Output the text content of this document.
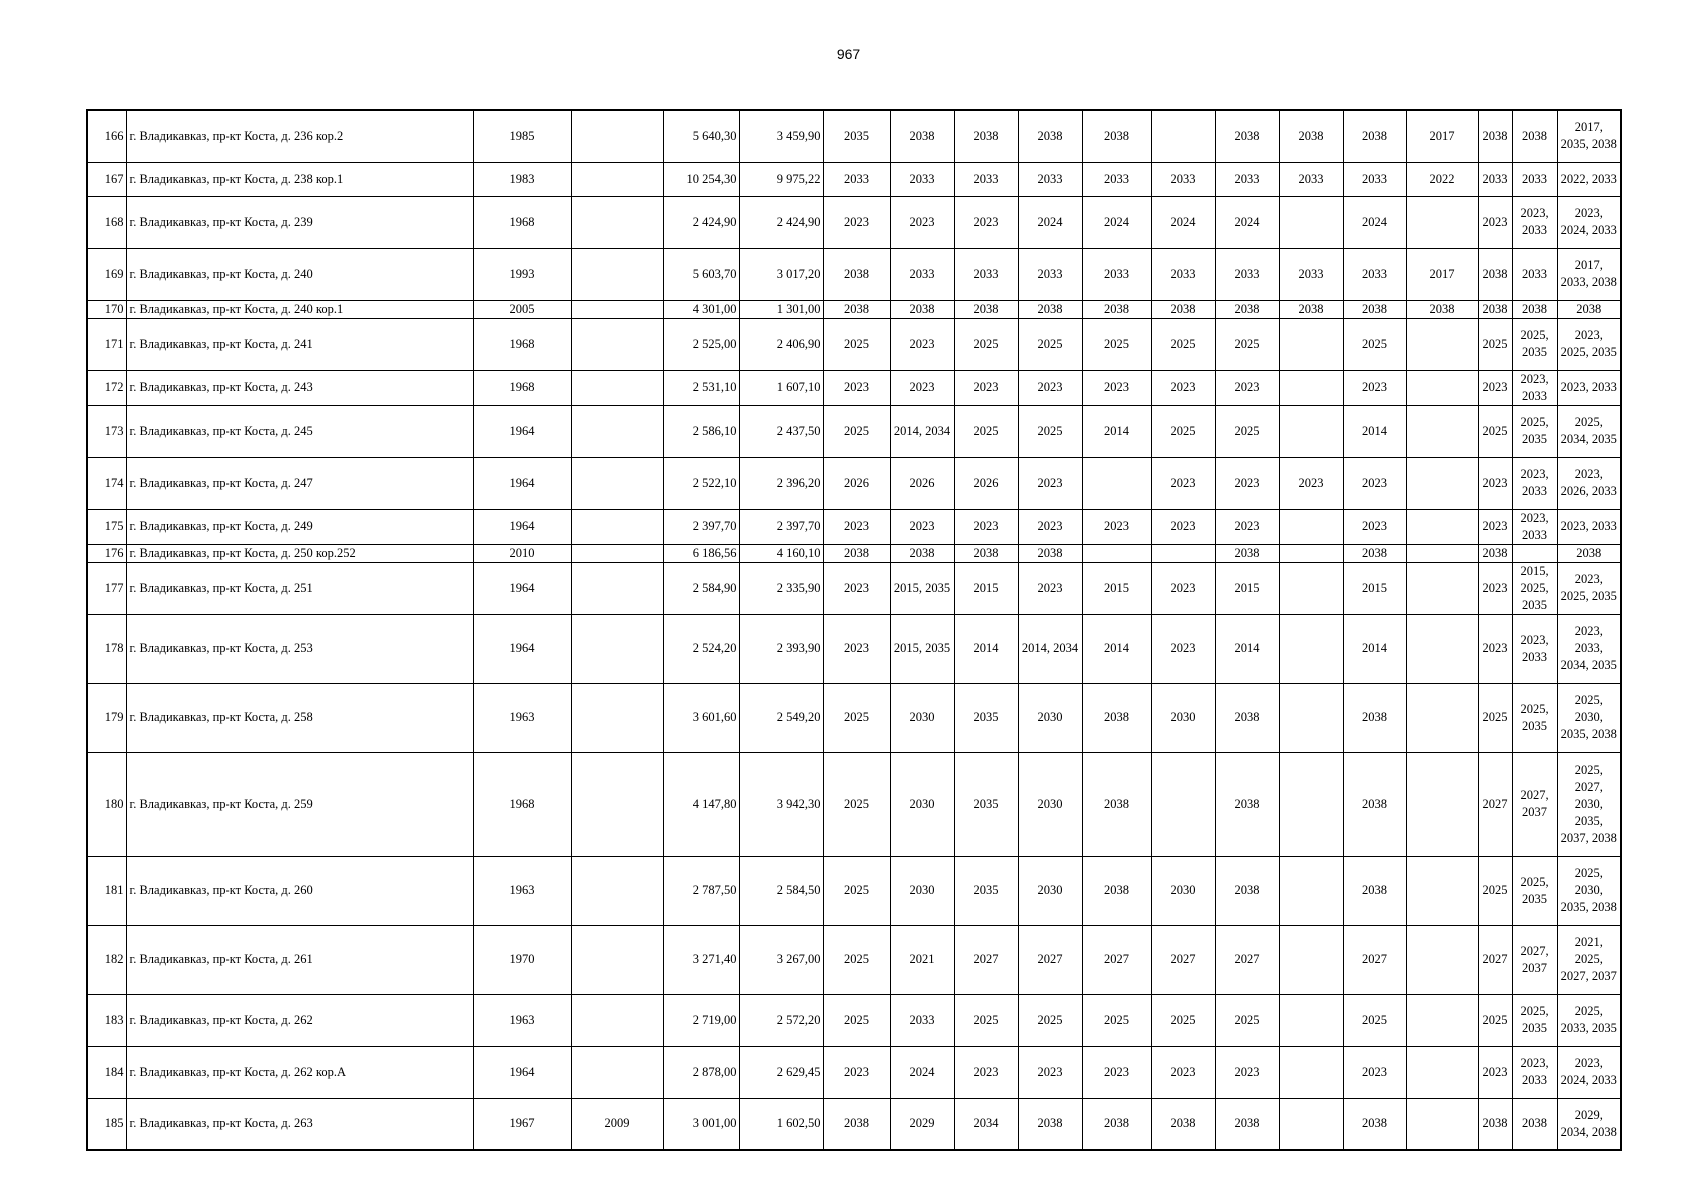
967
166	г. Владикавказ, пр-кт Коста, д. 236 кор.2	1985		5 640,30	3 459,90	2035	2038	2038	2038	2038		2038	2038	2038	2017	2038	2038	2017, 2035, 2038
167	г. Владикавказ, пр-кт Коста, д. 238 кор.1	1983		10 254,30	9 975,22	2033	2033	2033	2033	2033	2033	2033	2033	2033	2022	2033	2033	2022, 2033
168	г. Владикавказ, пр-кт Коста, д. 239	1968		2 424,90	2 424,90	2023	2023	2023	2024	2024	2024	2024		2024		2023	2023, 2033	2023, 2024, 2033
169	г. Владикавказ, пр-кт Коста, д. 240	1993		5 603,70	3 017,20	2038	2033	2033	2033	2033	2033	2033	2033	2033	2017	2038	2033	2017, 2033, 2038
170	г. Владикавказ, пр-кт Коста, д. 240 кор.1	2005		4 301,00	1 301,00	2038	2038	2038	2038	2038	2038	2038	2038	2038	2038	2038	2038	2038
171	г. Владикавказ, пр-кт Коста, д. 241	1968		2 525,00	2 406,90	2025	2023	2025	2025	2025	2025	2025		2025		2025	2025, 2035	2023, 2025, 2035
172	г. Владикавказ, пр-кт Коста, д. 243	1968		2 531,10	1 607,10	2023	2023	2023	2023	2023	2023	2023		2023		2023	2023, 2033	2023, 2033
173	г. Владикавказ, пр-кт Коста, д. 245	1964		2 586,10	2 437,50	2025	2014, 2034	2025	2025	2014	2025	2025		2014		2025	2025, 2035	2025, 2034, 2035
174	г. Владикавказ, пр-кт Коста, д. 247	1964		2 522,10	2 396,20	2026	2026	2026	2023		2023	2023	2023	2023		2023	2023, 2033	2023, 2026, 2033
175	г. Владикавказ, пр-кт Коста, д. 249	1964		2 397,70	2 397,70	2023	2023	2023	2023	2023	2023	2023		2023		2023	2023, 2033	2023, 2033
176	г. Владикавказ, пр-кт Коста, д. 250 кор.252	2010		6 186,56	4 160,10	2038	2038	2038	2038			2038		2038		2038		2038
177	г. Владикавказ, пр-кт Коста, д. 251	1964		2 584,90	2 335,90	2023	2015, 2035	2015	2023	2015	2023	2015		2015		2023	2015, 2025, 2035	2023, 2025, 2035
178	г. Владикавказ, пр-кт Коста, д. 253	1964		2 524,20	2 393,90	2023	2015, 2035	2014	2014, 2034	2014	2023	2014		2014		2023	2023, 2033	2023, 2033, 2034, 2035
179	г. Владикавказ, пр-кт Коста, д. 258	1963		3 601,60	2 549,20	2025	2030	2035	2030	2038	2030	2038		2038		2025	2025, 2035	2025, 2030, 2035, 2038
180	г. Владикавказ, пр-кт Коста, д. 259	1968		4 147,80	3 942,30	2025	2030	2035	2030	2038		2038		2038		2027	2027, 2037	2025, 2027, 2030, 2035, 2037, 2038
181	г. Владикавказ, пр-кт Коста, д. 260	1963		2 787,50	2 584,50	2025	2030	2035	2030	2038	2030	2038		2038		2025	2025, 2035	2025, 2030, 2035, 2038
182	г. Владикавказ, пр-кт Коста, д. 261	1970		3 271,40	3 267,00	2025	2021	2027	2027	2027	2027	2027		2027		2027	2027, 2037	2021, 2025, 2027, 2037
183	г. Владикавказ, пр-кт Коста, д. 262	1963		2 719,00	2 572,20	2025	2033	2025	2025	2025	2025	2025		2025		2025	2025, 2035	2025, 2033, 2035
184	г. Владикавказ, пр-кт Коста, д. 262 кор.А	1964		2 878,00	2 629,45	2023	2024	2023	2023	2023	2023	2023		2023		2023	2023, 2033	2023, 2024, 2033
185	г. Владикавказ, пр-кт Коста, д. 263	1967	2009	3 001,00	1 602,50	2038	2029	2034	2038	2038	2038	2038		2038		2038	2038	2029, 2034, 2038
